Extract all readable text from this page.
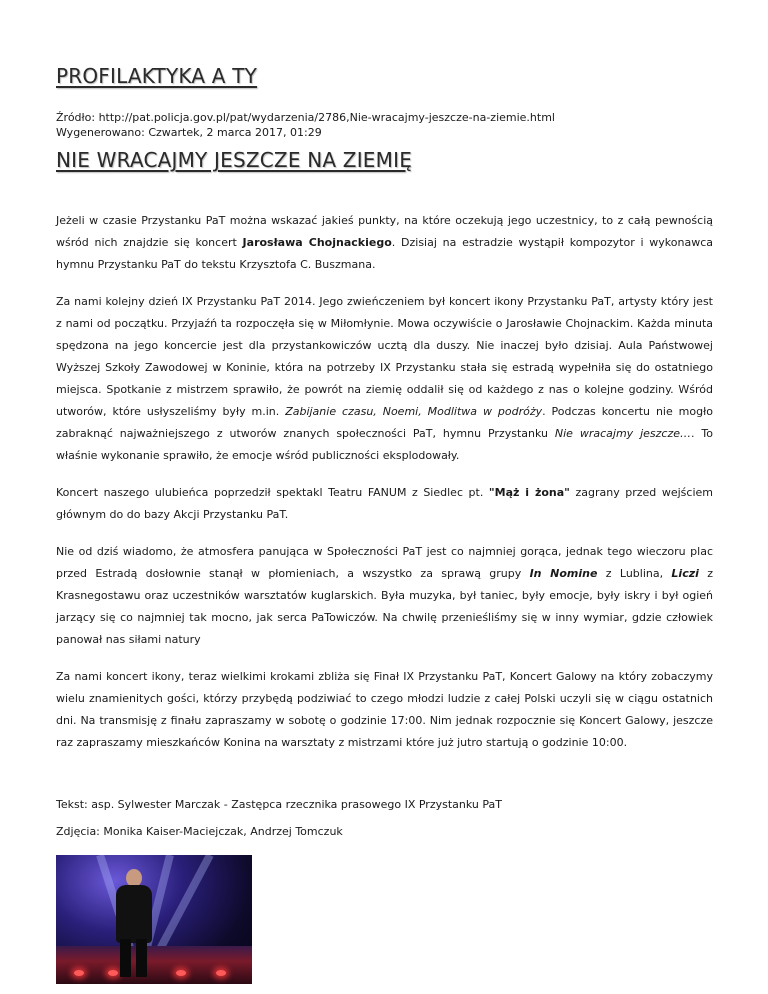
PROFILAKTYKA A TY
Źródło: http://pat.policja.gov.pl/pat/wydarzenia/2786,Nie-wracajmy-jeszcze-na-ziemie.html
Wygenerowano: Czwartek, 2 marca 2017, 01:29
NIE WRACAJMY JESZCZE NA ZIEMIĘ

Jeżeli w czasie Przystanku PaT można wskazać jakieś punkty, na które oczekują jego uczestnicy, to z całą pewnością wśród nich znajdzie się koncert Jarosława Chojnackiego. Dzisiaj na estradzie wystąpił kompozytor i wykonawca hymnu Przystanku PaT do tekstu Krzysztofa C. Buszmana.

Za nami kolejny dzień IX Przystanku PaT 2014. Jego zwieńczeniem był koncert ikony Przystanku PaT, artysty który jest z nami od początku. Przyjaźń ta rozpoczęła się w Miłomłynie. Mowa oczywiście o Jarosławie Chojnackim. Każda minuta spędzona na jego koncercie jest dla przystankowiczów ucztą dla duszy. Nie inaczej było dzisiaj. Aula Państwowej Wyższej Szkoły Zawodowej w Koninie, która na potrzeby IX Przystanku stała się estradą wypełniła się do ostatniego miejsca. Spotkanie z mistrzem sprawiło, że powrót na ziemię oddalił się od każdego z nas o kolejne godziny. Wśród utworów, które usłyszeliśmy były m.in. Zabijanie czasu, Noemi, Modlitwa w podróży. Podczas koncertu nie mogło zabraknąć najważniejszego z utworów znanych społeczności PaT, hymnu Przystanku Nie wracajmy jeszcze…. To właśnie wykonanie sprawiło, że emocje wśród publiczności eksplodowały.

Koncert naszego ulubieńca poprzedził spektakl Teatru FANUM z Siedlec pt. "Mąż i żona" zagrany przed wejściem głównym do do bazy Akcji Przystanku PaT.

Nie od dziś wiadomo, że atmosfera panująca w Społeczności PaT jest co najmniej gorąca, jednak tego wieczoru plac przed Estradą dosłownie stanął w płomieniach, a wszystko za sprawą grupy In Nomine z Lublina, Liczi z Krasnegostawu oraz uczestników warsztatów kuglarskich. Była muzyka, był taniec, były emocje, były iskry i był ogień jarzący się co najmniej tak mocno, jak serca PaTowiczów. Na chwilę przenieśliśmy się w inny wymiar, gdzie człowiek panował nas siłami natury

Za nami koncert ikony, teraz wielkimi krokami zbliża się Finał IX Przystanku PaT, Koncert Galowy na który zobaczymy wielu znamienitych gości, którzy przybędą podziwiać to czego młodzi ludzie z całej Polski uczyli się w ciągu ostatnich dni. Na transmisję z finału zapraszamy w sobotę o godzinie 17:00. Nim jednak rozpocznie się Koncert Galowy, jeszcze raz zapraszamy mieszkańców Konina na warsztaty z mistrzami które już jutro startują o godzinie 10:00.

Tekst: asp. Sylwester Marczak - Zastępca rzecznika prasowego IX Przystanku PaT

Zdjęcia: Monika Kaiser-Maciejczak, Andrzej Tomczuk
